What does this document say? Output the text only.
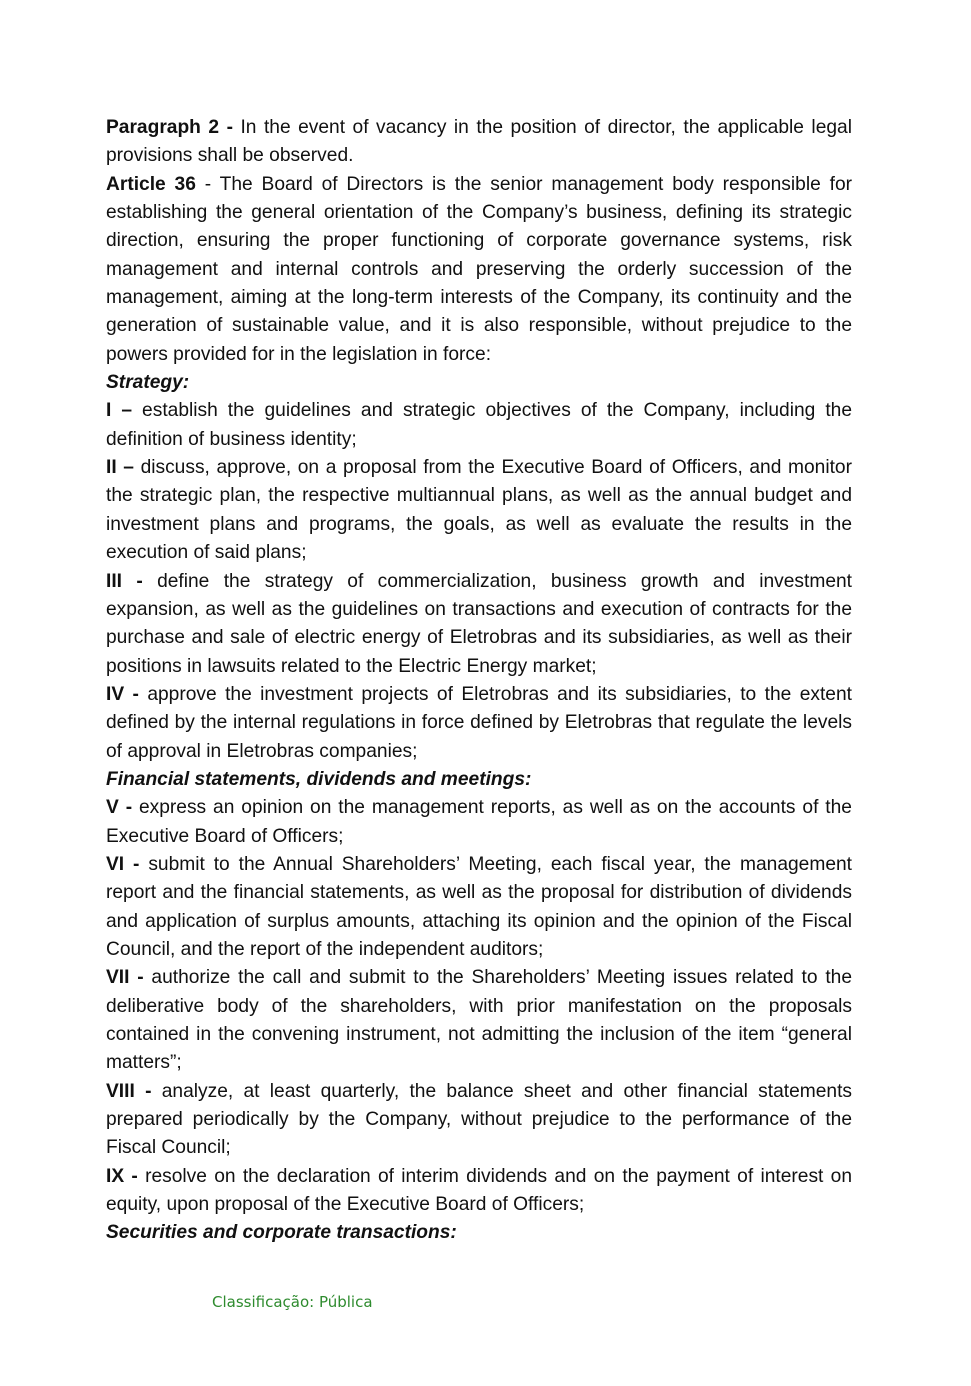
Paragraph 2 - In the event of vacancy in the position of director, the applicable legal provisions shall be observed.

Article 36 - The Board of Directors is the senior management body responsible for establishing the general orientation of the Company’s business, defining its strategic direction, ensuring the proper functioning of corporate governance systems, risk management and internal controls and preserving the orderly succession of the management, aiming at the long-term interests of the Company, its continuity and the generation of sustainable value, and it is also responsible, without prejudice to the powers provided for in the legislation in force:

Strategy:

I – establish the guidelines and strategic objectives of the Company, including the definition of business identity;

II – discuss, approve, on a proposal from the Executive Board of Officers, and monitor the strategic plan, the respective multiannual plans, as well as the annual budget and investment plans and programs, the goals, as well as evaluate the results in the execution of said plans;

III - define the strategy of commercialization, business growth and investment expansion, as well as the guidelines on transactions and execution of contracts for the purchase and sale of electric energy of Eletrobras and its subsidiaries, as well as their positions in lawsuits related to the Electric Energy market;

IV - approve the investment projects of Eletrobras and its subsidiaries, to the extent defined by the internal regulations in force defined by Eletrobras that regulate the levels of approval in Eletrobras companies;

Financial statements, dividends and meetings:

V - express an opinion on the management reports, as well as on the accounts of the Executive Board of Officers;

VI - submit to the Annual Shareholders’ Meeting, each fiscal year, the management report and the financial statements, as well as the proposal for distribution of dividends and application of surplus amounts, attaching its opinion and the opinion of the Fiscal Council, and the report of the independent auditors;

VII - authorize the call and submit to the Shareholders’ Meeting issues related to the deliberative body of the shareholders, with prior manifestation on the proposals contained in the convening instrument, not admitting the inclusion of the item “general matters”;

VIII - analyze, at least quarterly, the balance sheet and other financial statements prepared periodically by the Company, without prejudice to the performance of the Fiscal Council;

IX - resolve on the declaration of interim dividends and on the payment of interest on equity, upon proposal of the Executive Board of Officers;

Securities and corporate transactions:

Classificação: Pública
